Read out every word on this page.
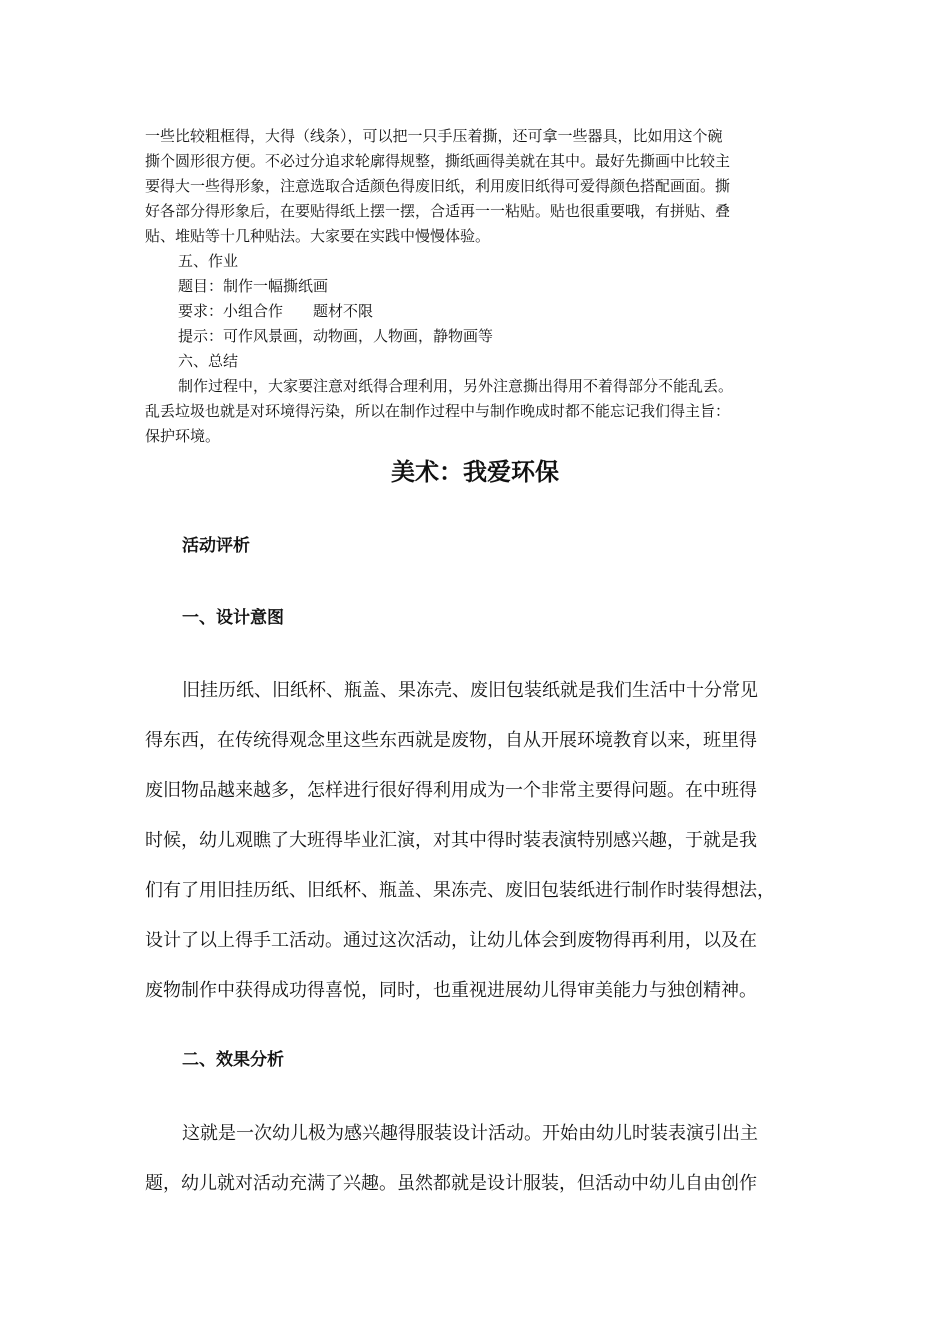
一些比较粗框得，大得（线条），可以把一只手压着撕，还可拿一些器具，比如用这个碗
撕个圆形很方便。不必过分追求轮廓得规整，撕纸画得美就在其中。最好先撕画中比较主
要得大一些得形象，注意选取合适颜色得废旧纸，利用废旧纸得可爱得颜色搭配画面。撕
好各部分得形象后，在要贴得纸上摆一摆，合适再一一粘贴。贴也很重要哦，有拼贴、叠
贴、堆贴等十几种贴法。大家要在实践中慢慢体验。
五、作业
题目：制作一幅撕纸画
要求：小组合作　　题材不限
提示：可作风景画，动物画，人物画，静物画等
六、总结
制作过程中，大家要注意对纸得合理利用，另外注意撕出得用不着得部分不能乱丢。
乱丢垃圾也就是对环境得污染，所以在制作过程中与制作晚成时都不能忘记我们得主旨：
保护环境。
美术：我爱环保
活动评析
一、设计意图
旧挂历纸、旧纸杯、瓶盖、果冻壳、废旧包装纸就是我们生活中十分常见
得东西，在传统得观念里这些东西就是废物，自从开展环境教育以来，班里得
废旧物品越来越多，怎样进行很好得利用成为一个非常主要得问题。在中班得
时候，幼儿观瞧了大班得毕业汇演，对其中得时装表演特别感兴趣，于就是我
们有了用旧挂历纸、旧纸杯、瓶盖、果冻壳、废旧包装纸进行制作时装得想法，
设计了以上得手工活动。通过这次活动，让幼儿体会到废物得再利用，以及在
废物制作中获得成功得喜悦，同时，也重视进展幼儿得审美能力与独创精神。
二、效果分析
这就是一次幼儿极为感兴趣得服装设计活动。开始由幼儿时装表演引出主
题，幼儿就对活动充满了兴趣。虽然都就是设计服装，但活动中幼儿自由创作
